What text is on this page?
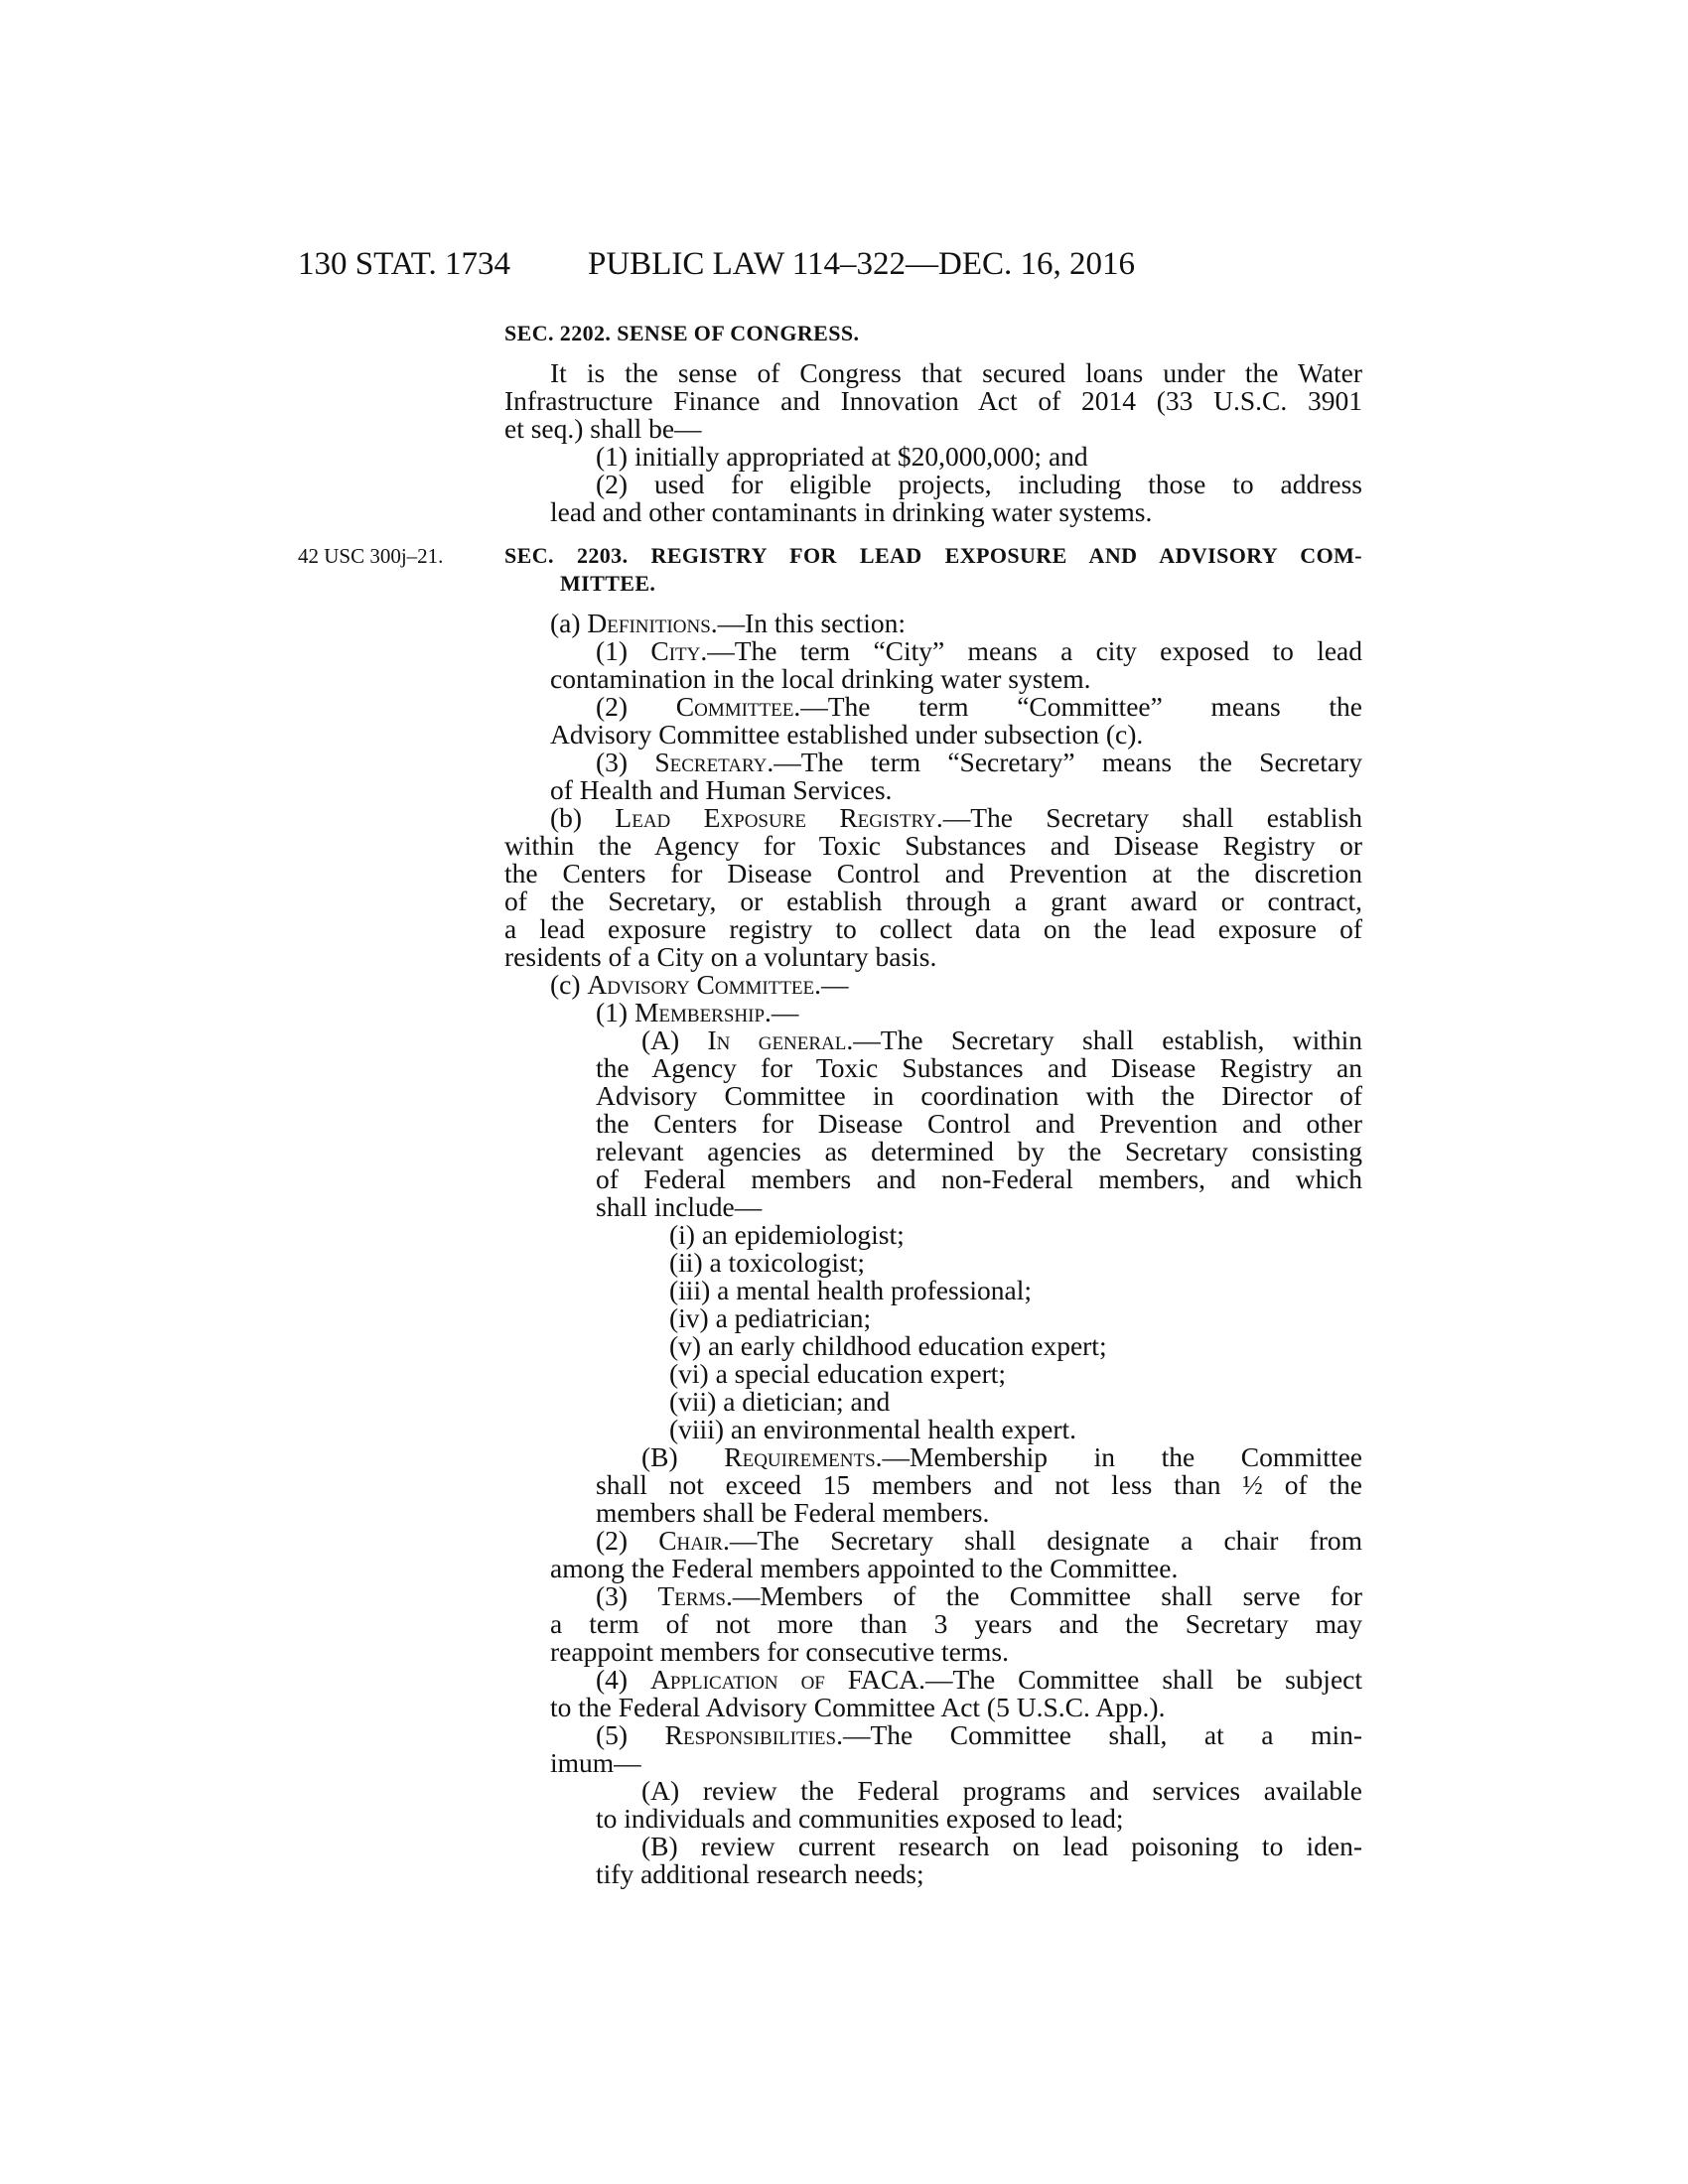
130 STAT. 1734 PUBLIC LAW 114–322—DEC. 16, 2016
42 USC 300j–21.
SEC. 2202. SENSE OF CONGRESS.
It is the sense of Congress that secured loans under the Water
Infrastructure Finance and Innovation Act of 2014 (33 U.S.C. 3901
et seq.) shall be—
(1) initially appropriated at $20,000,000; and
(2) used for eligible projects, including those to address
lead and other contaminants in drinking water systems.
SEC. 2203. REGISTRY FOR LEAD EXPOSURE AND ADVISORY COM-
MITTEE.
(a) Definitions.—In this section:
(1) City.—The term “City” means a city exposed to lead
contamination in the local drinking water system.
(2) Committee.—The term “Committee” means the
Advisory Committee established under subsection (c).
(3) Secretary.—The term “Secretary” means the Secretary
of Health and Human Services.
(b) Lead Exposure Registry.—The Secretary shall establish
within the Agency for Toxic Substances and Disease Registry or
the Centers for Disease Control and Prevention at the discretion
of the Secretary, or establish through a grant award or contract,
a lead exposure registry to collect data on the lead exposure of
residents of a City on a voluntary basis.
(c) Advisory Committee.—
(1) Membership.—
(A) In general.—The Secretary shall establish, within
the Agency for Toxic Substances and Disease Registry an
Advisory Committee in coordination with the Director of
the Centers for Disease Control and Prevention and other
relevant agencies as determined by the Secretary consisting
of Federal members and non-Federal members, and which
shall include—
(i) an epidemiologist;
(ii) a toxicologist;
(iii) a mental health professional;
(iv) a pediatrician;
(v) an early childhood education expert;
(vi) a special education expert;
(vii) a dietician; and
(viii) an environmental health expert.
(B) Requirements.—Membership in the Committee
shall not exceed 15 members and not less than ½ of the
members shall be Federal members.
(2) Chair.—The Secretary shall designate a chair from
among the Federal members appointed to the Committee.
(3) Terms.—Members of the Committee shall serve for
a term of not more than 3 years and the Secretary may
reappoint members for consecutive terms.
(4) Application of FACA.—The Committee shall be subject
to the Federal Advisory Committee Act (5 U.S.C. App.).
(5) Responsibilities.—The Committee shall, at a min-
imum—
(A) review the Federal programs and services available
to individuals and communities exposed to lead;
(B) review current research on lead poisoning to iden-
tify additional research needs;
